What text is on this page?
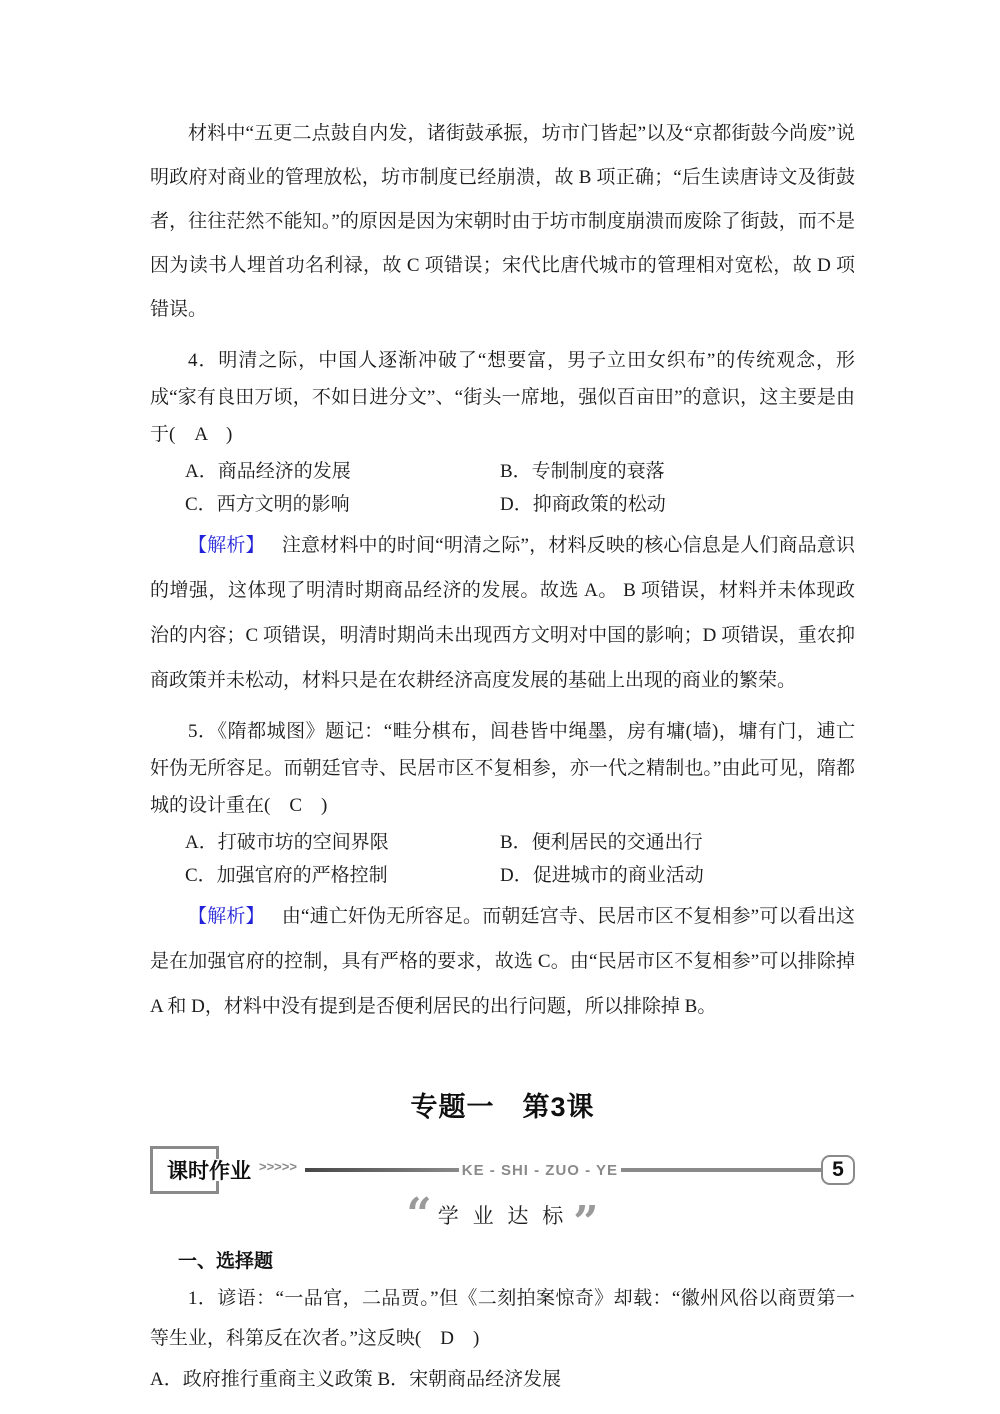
材料中“五更二点鼓自内发，诸街鼓承振，坊市门皆起”以及“京都街鼓今尚废”说明政府对商业的管理放松，坊市制度已经崩溃，故 B 项正确；“后生读唐诗文及街鼓者，往往茫然不能知。”的原因是因为宋朝时由于坊市制度崩溃而废除了街鼓，而不是因为读书人埋首功名利禄，故 C 项错误；宋代比唐代城市的管理相对宽松，故 D 项错误。

4．明清之际，中国人逐渐冲破了“想要富，男子立田女织布”的传统观念，形成“家有良田万顷，不如日进分文”、“街头一席地，强似百亩田”的意识，这主要是由于(　A　)

A．商品经济的发展	B．专制制度的衰落
C．西方文明的影响	D．抑商政策的松动

【解析】 注意材料中的时间“明清之际”，材料反映的核心信息是人们商品意识的增强，这体现了明清时期商品经济的发展。故选 A。 B 项错误，材料并未体现政治的内容；C 项错误，明清时期尚未出现西方文明对中国的影响；D 项错误，重农抑商政策并未松动，材料只是在农耕经济高度发展的基础上出现的商业的繁荣。

5．《隋都城图》题记：“畦分棋布，闾巷皆中绳墨，房有墉(墙)，墉有门，逋亡奸伪无所容足。而朝廷官寺、民居市区不复相参，亦一代之精制也。”由此可见，隋都城的设计重在(　C　)

A．打破市坊的空间界限	B．便利居民的交通出行
C．加强官府的严格控制	D．促进城市的商业活动

【解析】 由“逋亡奸伪无所容足。而朝廷宫寺、民居市区不复相参”可以看出这是在加强官府的控制，具有严格的要求，故选 C。由“民居市区不复相参”可以排除掉 A 和 D，材料中没有提到是否便利居民的出行问题，所以排除掉 B。

专题一　第3课
课时作业 >>>>>	KE - SHI - ZUO - YE	5
“ 学 业 达 标 ”

一、选择题

1．谚语：“一品官，二品贾。”但《二刻拍案惊奇》却载：“徽州风俗以商贾第一等生业，科第反在次者。”这反映(　D　)

A．政府推行重商主义政策 B．宋朝商品经济发展
